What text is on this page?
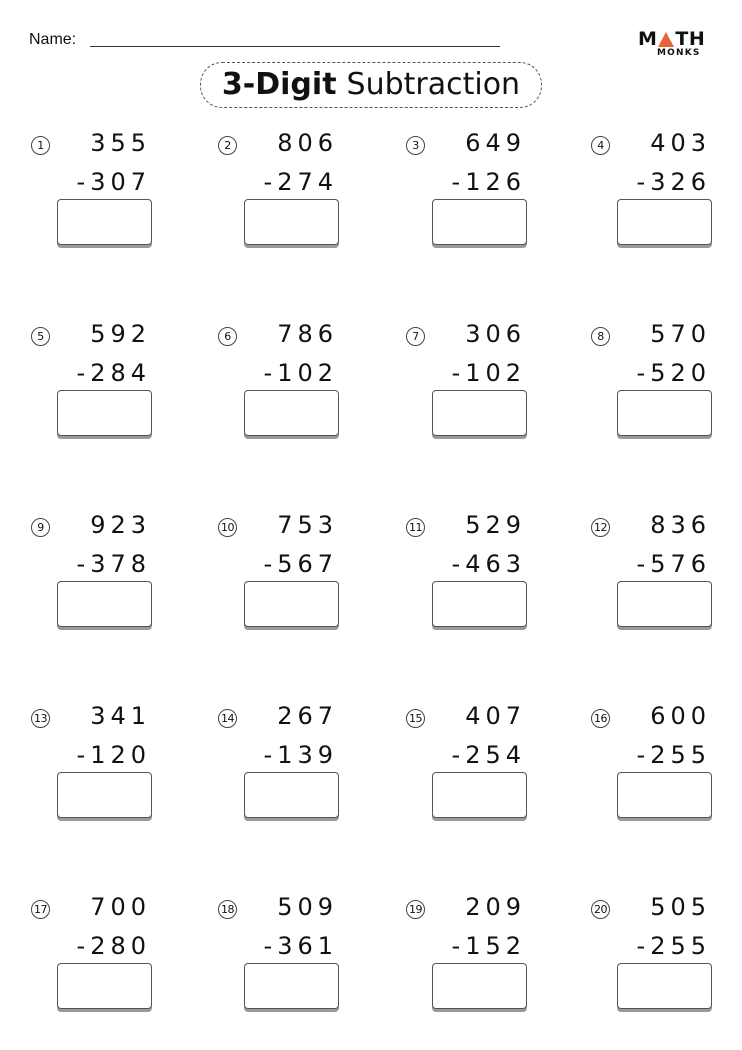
Name:	M TH
MONKS
3-Digit Subtraction
1	355
-307
2	806
-274
3	649
-126
4	403
-326
5	592
-284
6	786
-102
7	306
-102
8	570
-520
9	923
-378
10	753
-567
11	529
-463
12	836
-576
13	341
-120
14	267
-139
15	407
-254
16	600
-255
17	700
-280
18	509
-361
19	209
-152
20	505
-255
